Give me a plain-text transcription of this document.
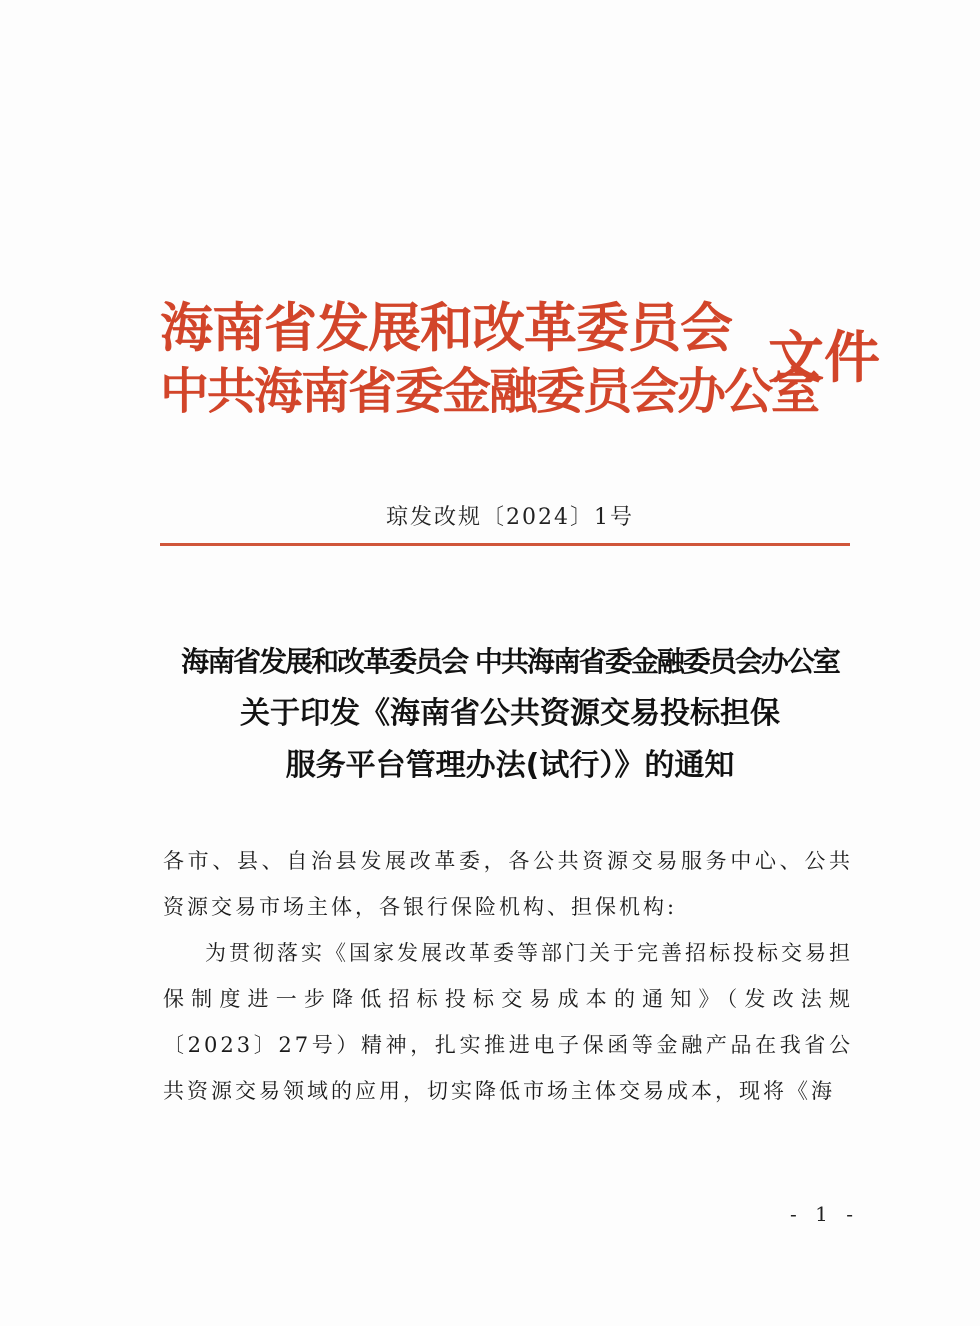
海南省发展和改革委员会
中共海南省委金融委员会办公室
文件
琼发改规〔2024〕1号
海南省发展和改革委员会 中共海南省委金融委员会办公室
关于印发《海南省公共资源交易投标担保
服务平台管理办法(试行）》的通知

各市、县、自治县发展改革委，各公共资源交易服务中心、公共资源交易市场主体，各银行保险机构、担保机构:

为贯彻落实《国家发展改革委等部门关于完善招标投标交易担保制度进一步降低招标投标交易成本的通知》（发改法规〔2023〕27号）精神，扎实推进电子保函等金融产品在我省公共资源交易领域的应用，切实降低市场主体交易成本，现将《海

- 1 -
